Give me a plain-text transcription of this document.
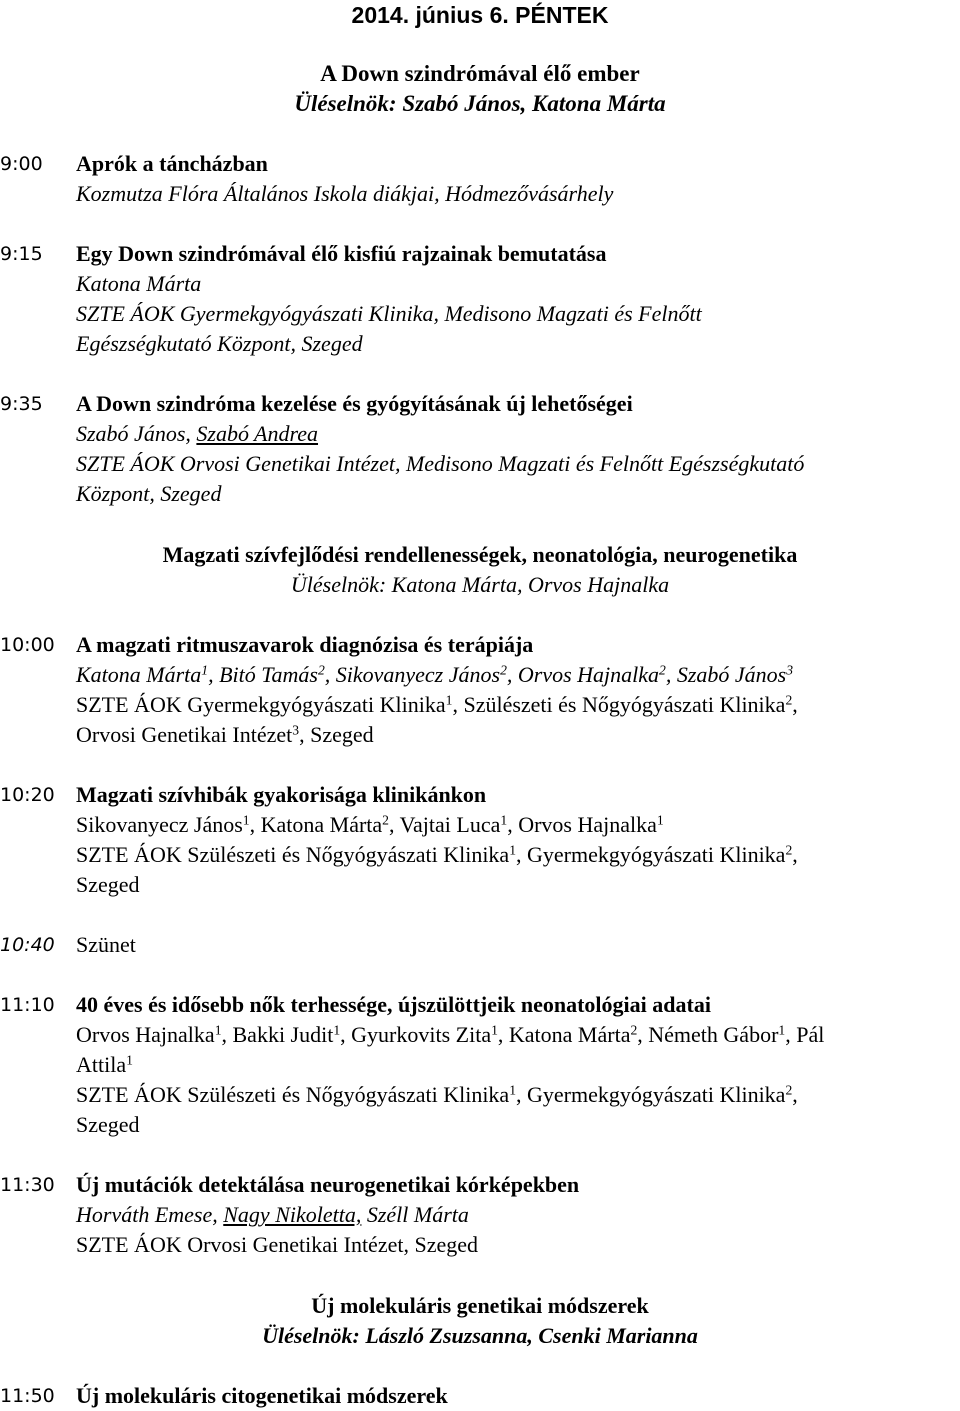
2014. június 6. PÉNTEK
A Down szindrómával élő ember
Üléselnök: Szabó János, Katona Márta
9:00 Aprók a táncházban
Kozmutza Flóra Általános Iskola diákjai, Hódmezővásárhely
9:15 Egy Down szindrómával élő kisfiú rajzainak bemutatása
Katona Márta
SZTE ÁOK Gyermekgyógyászati Klinika, Medisono Magzati és Felnőtt
Egészségkutató Központ, Szeged
9:35 A Down szindróma kezelése és gyógyításának új lehetőségei
Szabó János, Szabó Andrea
SZTE ÁOK Orvosi Genetikai Intézet, Medisono Magzati és Felnőtt Egészségkutató
Központ, Szeged
Magzati szívfejlődési rendellenességek, neonatológia, neurogenetika
Üléselnök: Katona Márta, Orvos Hajnalka
10:00 A magzati ritmuszavarok diagnózisa és terápiája
Katona Márta$^1$, Bitó Tamás$^2$, Sikovanyecz János$^2$, Orvos Hajnalka$^2$, Szabó János$^3$
SZTE ÁOK Gyermekgyógyászati Klinika$^1$, Szülészeti és Nőgyógyászati Klinika$^2$,
Orvosi Genetikai Intézet$^3$, Szeged
10:20 Magzati szívhibák gyakorisága klinikánkon
Sikovanyecz János$^1$, Katona Márta$^2$, Vajtai Luca$^1$, Orvos Hajnalka$^1$
SZTE ÁOK Szülészeti és Nőgyógyászati Klinika$^1$, Gyermekgyógyászati Klinika$^2$,
Szeged
10:40 Szünet
11:10 40 éves és idősebb nők terhessége, újszülöttjeik neonatológiai adatai
Orvos Hajnalka$^1$, Bakki Judit$^1$, Gyurkovits Zita$^1$, Katona Márta$^2$, Németh Gábor$^1$, Pál
Attila$^1$
SZTE ÁOK Szülészeti és Nőgyógyászati Klinika$^1$, Gyermekgyógyászati Klinika$^2$,
Szeged
11:30 Új mutációk detektálása neurogenetikai kórképekben
Horváth Emese, Nagy Nikoletta, Széll Márta
SZTE ÁOK Orvosi Genetikai Intézet, Szeged
Új molekuláris genetikai módszerek
Üléselnök: László Zsuzsanna, Csenki Marianna
11:50 Új molekuláris citogenetikai módszerek
